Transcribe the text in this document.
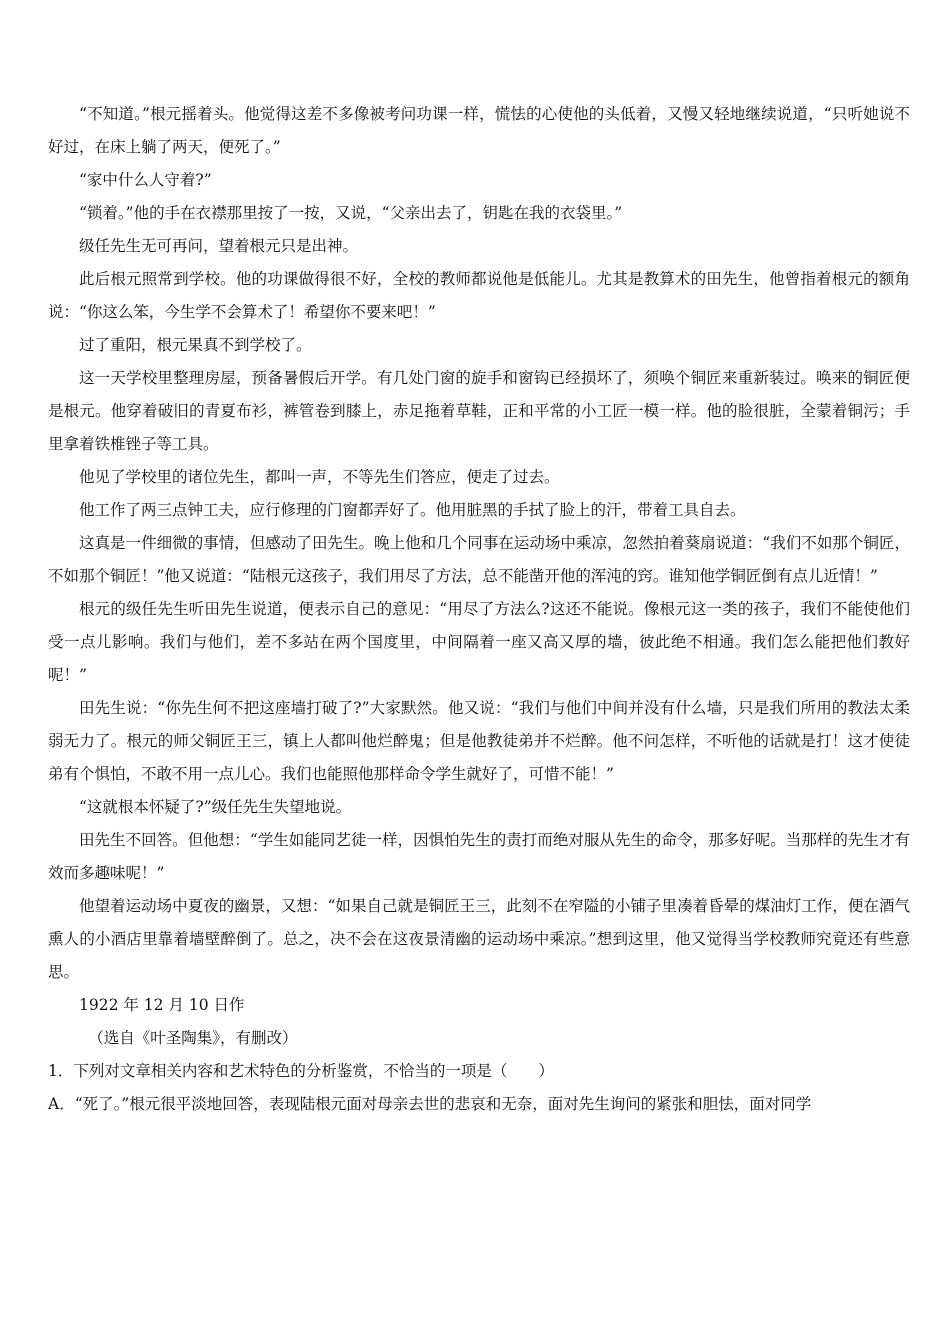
“不知道。”根元摇着头。他觉得这差不多像被考问功课一样，慌怯的心使他的头低着，又慢又轻地继续说道，“只听她说不好过，在床上躺了两天，便死了。”

“家中什么人守着?”

“锁着。”他的手在衣襟那里按了一按，又说，“父亲出去了，钥匙在我的衣袋里。”

级任先生无可再问，望着根元只是出神。

此后根元照常到学校。他的功课做得很不好，全校的教师都说他是低能儿。尤其是教算术的田先生，他曾指着根元的额角说：“你这么笨，今生学不会算术了！希望你不要来吧！”

过了重阳，根元果真不到学校了。

这一天学校里整理房屋，预备暑假后开学。有几处门窗的旋手和窗钩已经损坏了，须唤个铜匠来重新装过。唤来的铜匠便是根元。他穿着破旧的青夏布衫，裤管卷到膝上，赤足拖着草鞋，正和平常的小工匠一模一样。他的脸很脏，全蒙着铜污；手里拿着铁椎锉子等工具。

他见了学校里的诸位先生，都叫一声，不等先生们答应，便走了过去。

他工作了两三点钟工夫，应行修理的门窗都弄好了。他用脏黑的手拭了脸上的汗，带着工具自去。

这真是一件细微的事情，但感动了田先生。晚上他和几个同事在运动场中乘凉，忽然拍着葵扇说道：“我们不如那个铜匠，不如那个铜匠！”他又说道：“陆根元这孩子，我们用尽了方法，总不能凿开他的浑沌的窍。谁知他学铜匠倒有点儿近情！”

根元的级任先生听田先生说道，便表示自己的意见：“用尽了方法么?这还不能说。像根元这一类的孩子，我们不能使他们受一点儿影响。我们与他们，差不多站在两个国度里，中间隔着一座又高又厚的墙，彼此绝不相通。我们怎么能把他们教好呢！”

田先生说：“你先生何不把这座墙打破了?”大家默然。他又说：“我们与他们中间并没有什么墙，只是我们所用的教法太柔弱无力了。根元的师父铜匠王三，镇上人都叫他烂醉鬼；但是他教徒弟并不烂醉。他不问怎样，不听他的话就是打！这才使徒弟有个惧怕，不敢不用一点儿心。我们也能照他那样命令学生就好了，可惜不能！”

“这就根本怀疑了?”级任先生失望地说。

田先生不回答。但他想：“学生如能同艺徒一样，因惧怕先生的责打而绝对服从先生的命令，那多好呢。当那样的先生才有效而多趣味呢！”

他望着运动场中夏夜的幽景，又想：“如果自己就是铜匠王三，此刻不在窄隘的小铺子里凑着昏晕的煤油灯工作，便在酒气熏人的小酒店里靠着墙壁醉倒了。总之，决不会在这夜景清幽的运动场中乘凉。”想到这里，他又觉得当学校教师究竟还有些意思。

1922 年 12 月 10 日作

（选自《叶圣陶集》，有删改）

1．下列对文章相关内容和艺术特色的分析鉴赏，不恰当的一项是（　　）

A．“死了。”根元很平淡地回答，表现陆根元面对母亲去世的悲哀和无奈，面对先生询问的紧张和胆怯，面对同学
